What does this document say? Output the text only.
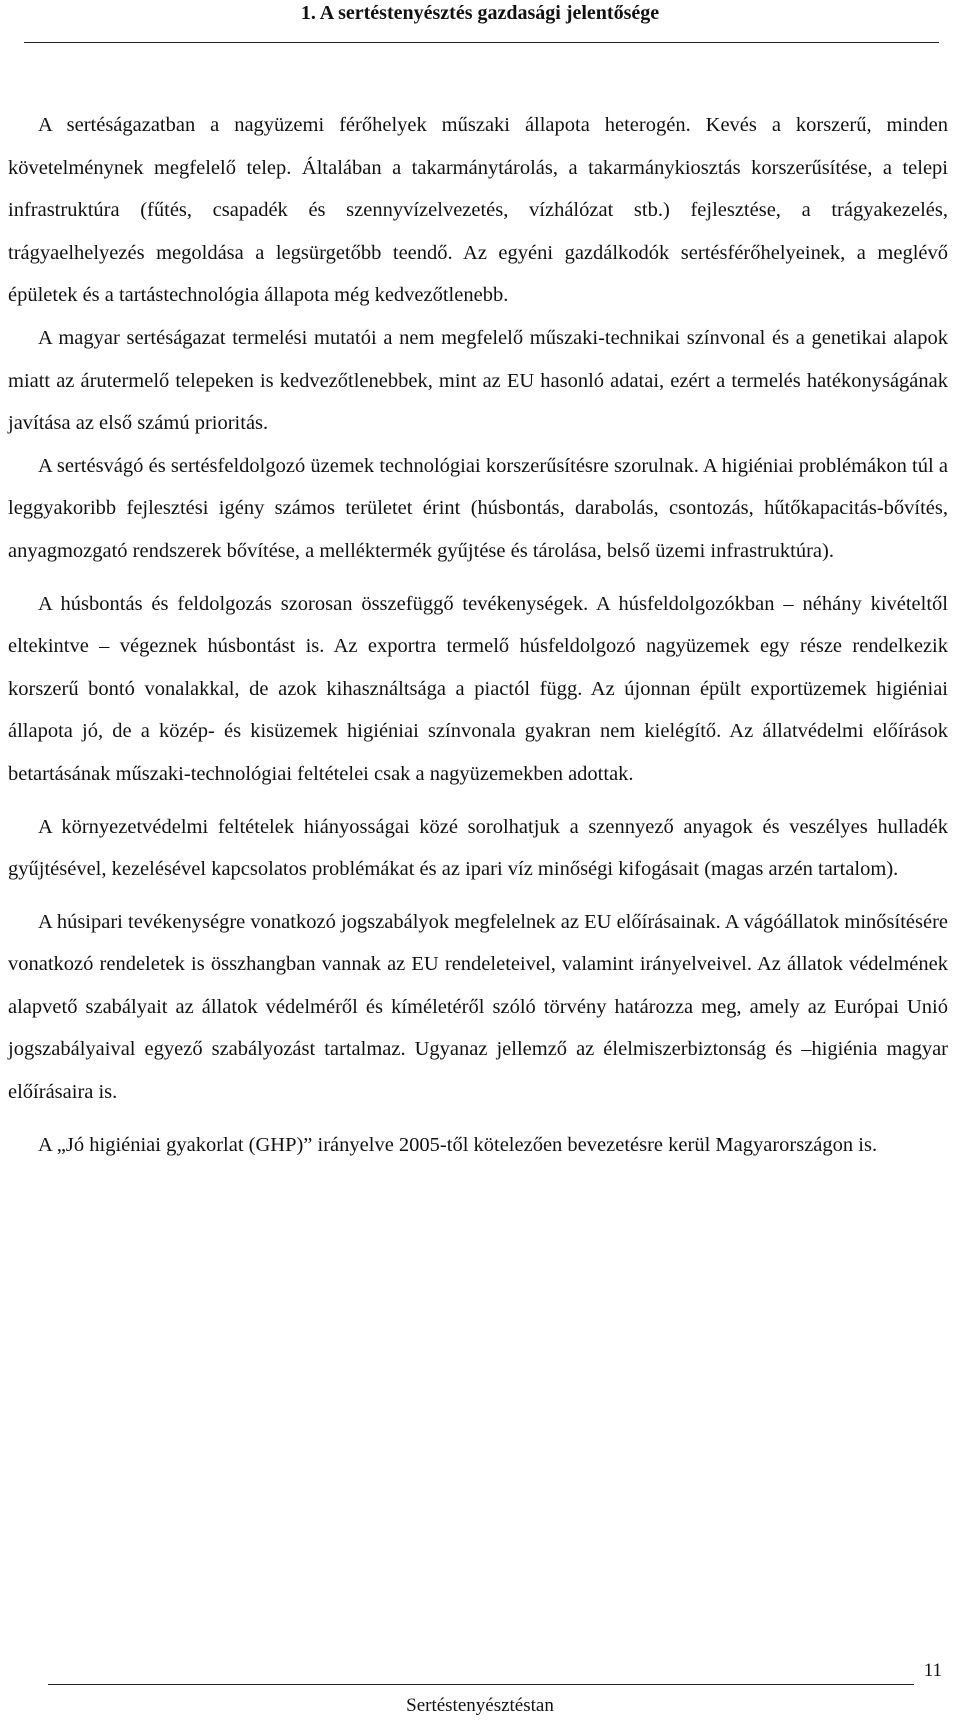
1. A sertéstenyésztés gazdasági jelentősége

A sertéságazatban a nagyüzemi férőhelyek műszaki állapota heterogén. Kevés a korszerű, minden követelménynek megfelelő telep. Általában a takarmánytárolás, a takarmánykiosztás korszerűsítése, a telepi infrastruktúra (fűtés, csapadék és szennyvízelvezetés, vízhálózat stb.) fejlesztése, a trágyakezelés, trágyaelhelyezés megoldása a legsürgetőbb teendő. Az egyéni gazdálkodók sertésférőhelyeinek, a meglévő épületek és a tartástechnológia állapota még kedvezőtlenebb.

A magyar sertéságazat termelési mutatói a nem megfelelő műszaki-technikai színvonal és a genetikai alapok miatt az árutermelő telepeken is kedvezőtlenebbek, mint az EU hasonló adatai, ezért a termelés hatékonyságának javítása az első számú prioritás.

A sertésvágó és sertésfeldolgozó üzemek technológiai korszerűsítésre szorulnak. A higiéniai problémákon túl a leggyakoribb fejlesztési igény számos területet érint (húsbontás, darabolás, csontozás, hűtőkapacitás-bővítés, anyagmozgató rendszerek bővítése, a melléktermék gyűjtése és tárolása, belső üzemi infrastruktúra).

A húsbontás és feldolgozás szorosan összefüggő tevékenységek. A húsfeldolgozókban – néhány kivételtől eltekintve – végeznek húsbontást is. Az exportra termelő húsfeldolgozó nagyüzemek egy része rendelkezik korszerű bontó vonalakkal, de azok kihasználtsága a piactól függ. Az újonnan épült exportüzemek higiéniai állapota jó, de a közép- és kisüzemek higiéniai színvonala gyakran nem kielégítő. Az állatvédelmi előírások betartásának műszaki-technológiai feltételei csak a nagyüzemekben adottak.

A környezetvédelmi feltételek hiányosságai közé sorolhatjuk a szennyező anyagok és veszélyes hulladék gyűjtésével, kezelésével kapcsolatos problémákat és az ipari víz minőségi kifogásait (magas arzén tartalom).

A húsipari tevékenységre vonatkozó jogszabályok megfelelnek az EU előírásainak. A vágóállatok minősítésére vonatkozó rendeletek is összhangban vannak az EU rendeleteivel, valamint irányelveivel. Az állatok védelmének alapvető szabályait az állatok védelméről és kíméletéről szóló törvény határozza meg, amely az Európai Unió jogszabályaival egyező szabályozást tartalmaz. Ugyanaz jellemző az élelmiszerbiztonság és –higiénia magyar előírásaira is.

A „Jó higiéniai gyakorlat (GHP)” irányelve 2005-től kötelezően bevezetésre kerül Magyarországon is.

11
Sertéstenyésztéstan
